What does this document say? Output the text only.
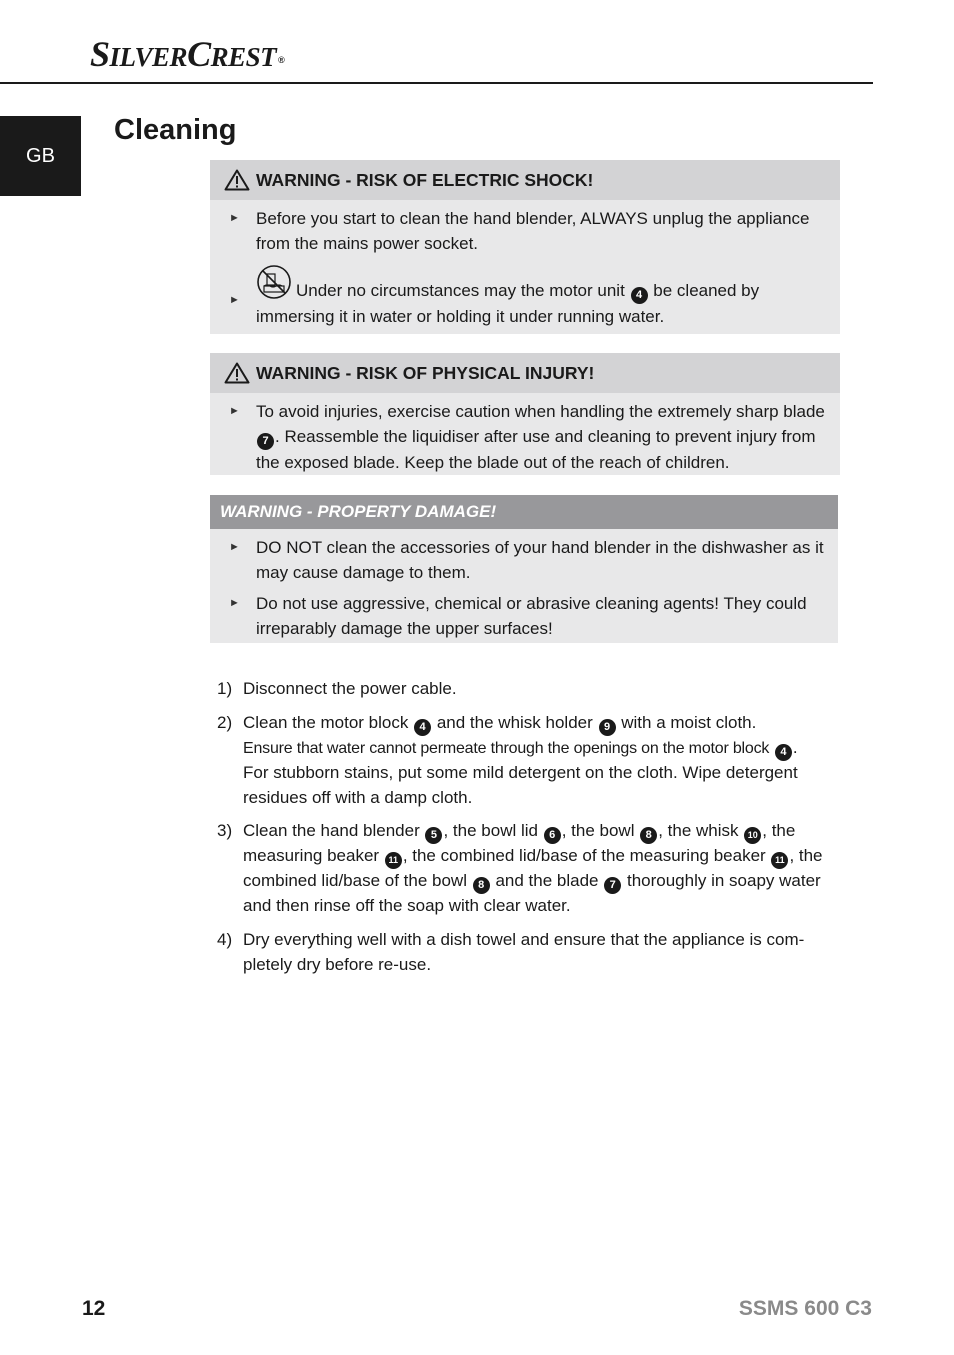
SILVERCREST ®
GB
Cleaning
WARNING - RISK OF ELECTRIC SHOCK!
► Before you start to clean the hand blender, ALWAYS unplug the appliance from the mains power socket.
►	Under no circumstances may the motor unit 4 be cleaned by immersing it in water or holding it under running water.
WARNING - RISK OF PHYSICAL INJURY!
► To avoid injuries, exercise caution when handling the extremely sharp blade 7 . Reassemble the liquidiser after use and cleaning to prevent injury from the exposed blade. Keep the blade out of the reach of children.
WARNING - PROPERTY DAMAGE!
► DO NOT clean the accessories of your hand blender in the dishwasher as it may cause damage to them.
► Do not use aggressive, chemical or abrasive cleaning agents! They could irreparably damage the upper surfaces!
1) Disconnect the power cable.
2) Clean the motor block 4 and the whisk holder 9 with a moist cloth.
Ensure that water cannot permeate through the openings on the motor block 4 .
For stubborn stains, put some mild detergent on the cloth. Wipe detergent residues off with a damp cloth.
3) Clean the hand blender 5 , the bowl lid 6 , the bowl 8 , the whisk 10 , the measuring beaker 11 , the combined lid/base of the measuring beaker 11 , the combined lid/base of the bowl 8 and the blade 7 thoroughly in soapy water and then rinse off the soap with clear water.
4) Dry everything well with a dish towel and ensure that the appliance is com-pletely dry before re-use.
12	SSMS 600 C3
